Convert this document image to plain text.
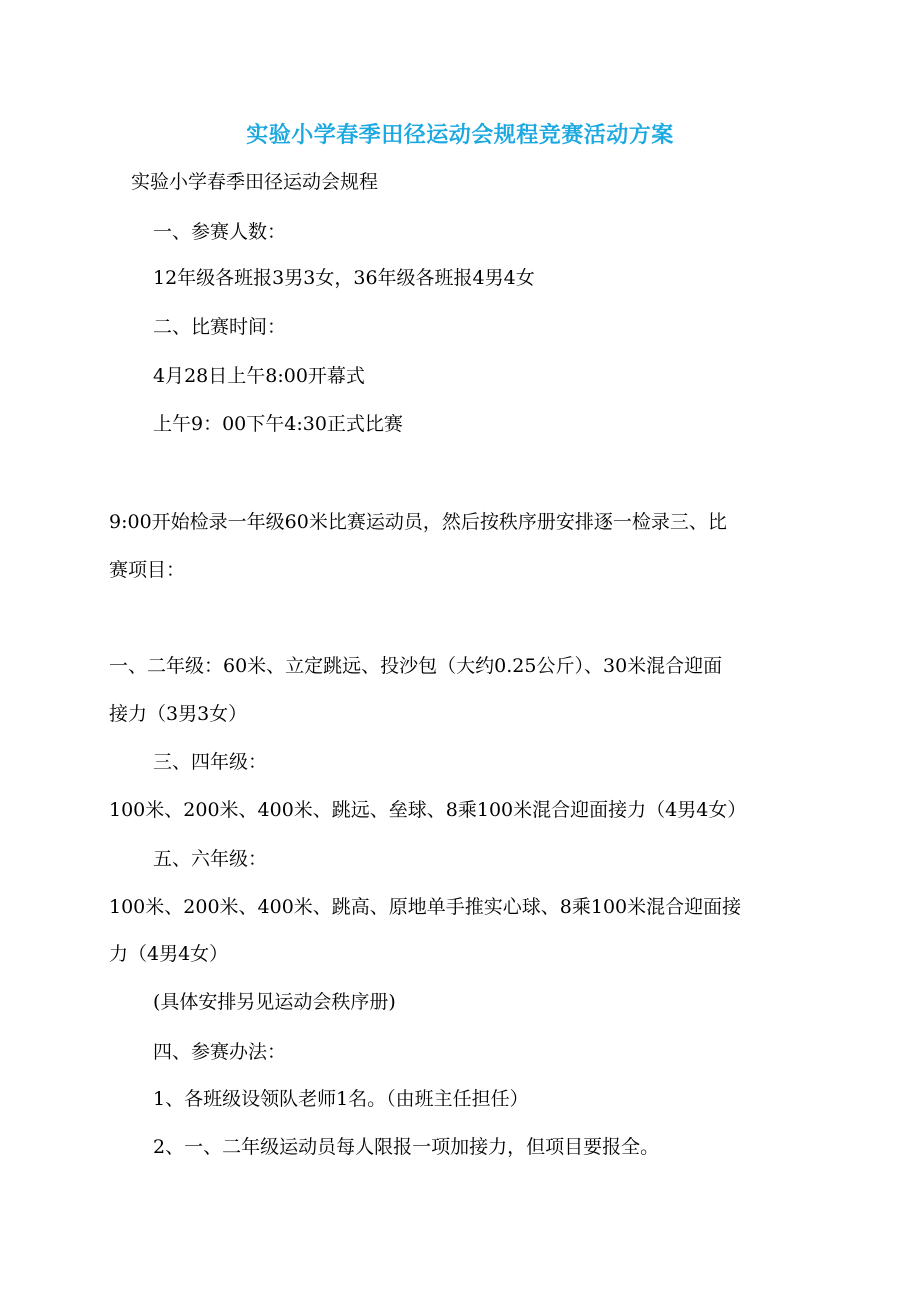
实验小学春季田径运动会规程竞赛活动方案
实验小学春季田径运动会规程
一、参赛人数：
12年级各班报3男3女，36年级各班报4男4女
二、比赛时间：
4月28日上午8:00开幕式
上午9：00下午4:30正式比赛
9:00开始检录一年级60米比赛运动员，然后按秩序册安排逐一检录三、比
赛项目：
一、二年级：60米、立定跳远、投沙包（大约0.25公斤）、30米混合迎面
接力（3男3女）
三、四年级：
100米、200米、400米、跳远、垒球、8乘100米混合迎面接力（4男4女）
五、六年级：
100米、200米、400米、跳高、原地单手推实心球、8乘100米混合迎面接
力（4男4女）
(具体安排另见运动会秩序册)
四、参赛办法：
1、各班级设领队老师1名。（由班主任担任）
2、一、二年级运动员每人限报一项加接力，但项目要报全。
